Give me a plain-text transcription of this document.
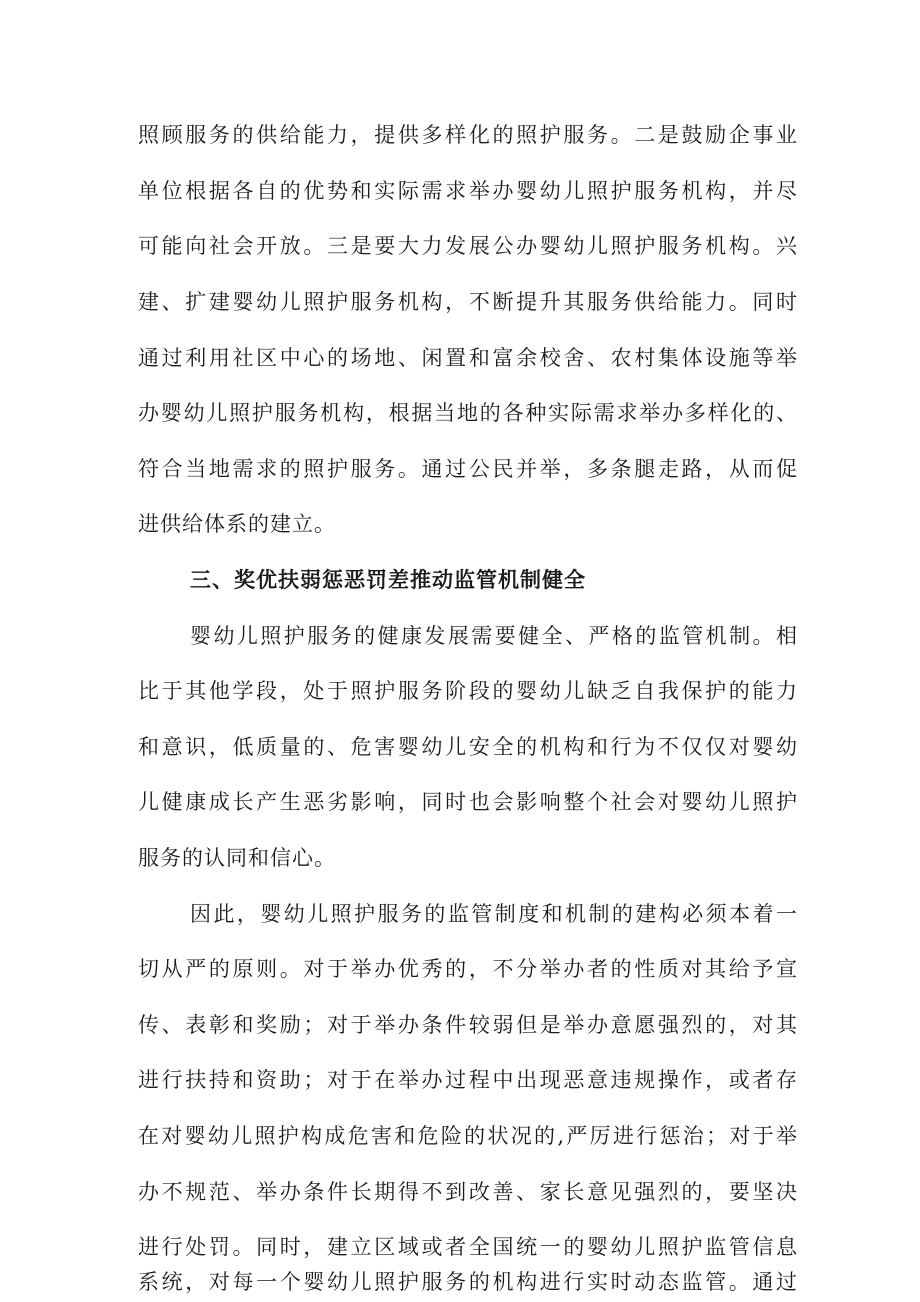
照顾服务的供给能力，提供多样化的照护服务。二是鼓励企事业
单位根据各自的优势和实际需求举办婴幼儿照护服务机构，并尽
可能向社会开放。三是要大力发展公办婴幼儿照护服务机构。兴
建、扩建婴幼儿照护服务机构，不断提升其服务供给能力。同时
通过利用社区中心的场地、闲置和富余校舍、农村集体设施等举
办婴幼儿照护服务机构，根据当地的各种实际需求举办多样化的、
符合当地需求的照护服务。通过公民并举，多条腿走路，从而促
进供给体系的建立。
三、奖优扶弱惩恶罚差推动监管机制健全
婴幼儿照护服务的健康发展需要健全、严格的监管机制。相
比于其他学段，处于照护服务阶段的婴幼儿缺乏自我保护的能力
和意识，低质量的、危害婴幼儿安全的机构和行为不仅仅对婴幼
儿健康成长产生恶劣影响，同时也会影响整个社会对婴幼儿照护
服务的认同和信心。
因此，婴幼儿照护服务的监管制度和机制的建构必须本着一
切从严的原则。对于举办优秀的，不分举办者的性质对其给予宣
传、表彰和奖励；对于举办条件较弱但是举办意愿强烈的，对其
进行扶持和资助；对于在举办过程中出现恶意违规操作，或者存
在对婴幼儿照护构成危害和危险的状况的,严厉进行惩治；对于举
办不规范、举办条件长期得不到改善、家长意见强烈的，要坚决
进行处罚。同时，建立区域或者全国统一的婴幼儿照护监管信息
系统，对每一个婴幼儿照护服务的机构进行实时动态监管。通过
